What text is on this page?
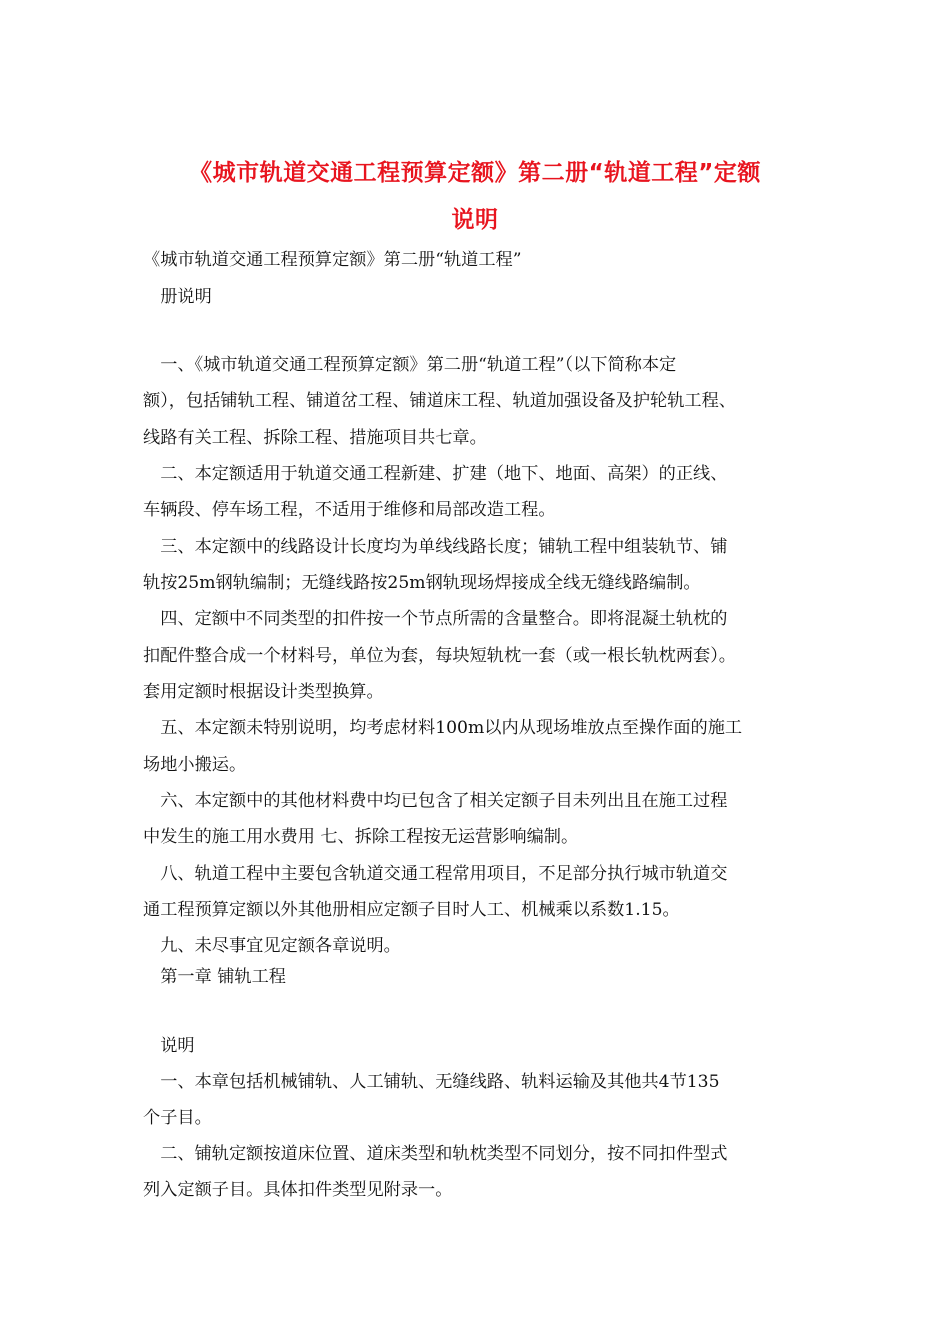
《城市轨道交通工程预算定额》第二册“轨道工程”定额
说明
《城市轨道交通工程预算定额》第二册“轨道工程”
　册说明
　一、《城市轨道交通工程预算定额》第二册“轨道工程”（以下简称本定
额），包括铺轨工程、铺道岔工程、铺道床工程、轨道加强设备及护轮轨工程、
线路有关工程、拆除工程、措施项目共七章。
　二、本定额适用于轨道交通工程新建、扩建（地下、地面、高架）的正线、
车辆段、停车场工程，不适用于维修和局部改造工程。
　三、本定额中的线路设计长度均为单线线路长度；铺轨工程中组装轨节、铺
轨按25m钢轨编制；无缝线路按25m钢轨现场焊接成全线无缝线路编制。
　四、定额中不同类型的扣件按一个节点所需的含量整合。即将混凝土轨枕的
扣配件整合成一个材料号，单位为套，每块短轨枕一套（或一根长轨枕两套）。
套用定额时根据设计类型换算。
　五、本定额未特别说明，均考虑材料100m以内从现场堆放点至操作面的施工
场地小搬运。
　六、本定额中的其他材料费中均已包含了相关定额子目未列出且在施工过程
中发生的施工用水费用 七、拆除工程按无运营影响编制。
　八、轨道工程中主要包含轨道交通工程常用项目，不足部分执行城市轨道交
通工程预算定额以外其他册相应定额子目时人工、机械乘以系数1.15。
　九、未尽事宜见定额各章说明。
　第一章 铺轨工程
　说明
　一、本章包括机械铺轨、人工铺轨、无缝线路、轨料运输及其他共4节135
个子目。
　二、铺轨定额按道床位置、道床类型和轨枕类型不同划分，按不同扣件型式
列入定额子目。具体扣件类型见附录一。
